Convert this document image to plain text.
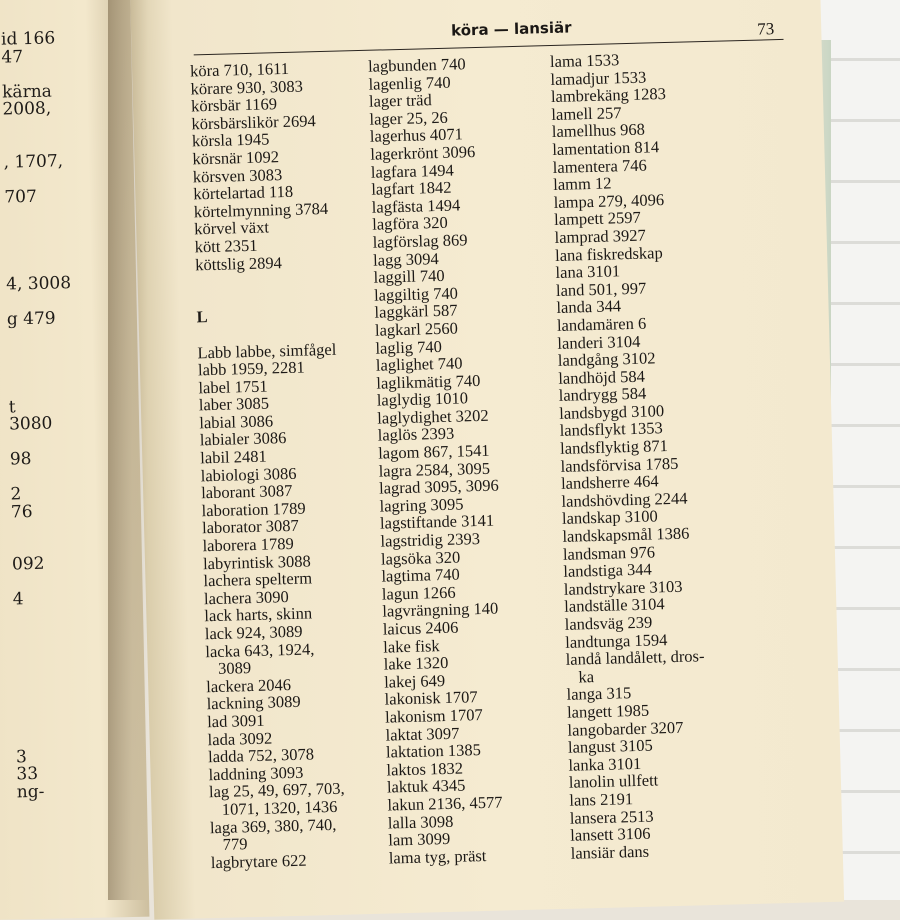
id 166
47
kärna
2008,
, 1707,
707
4, 3008
g 479
t
3080
98
2
76
092
4
3
33
ng-
köra — lansiär	73
köra 710, 1611
körare 930, 3083
körsbär 1169
körsbärslikör 2694
körsla 1945
körsnär 1092
körsven 3083
körtelartad 118
körtelmynning 3784
körvel växt
kött 2351
köttslig 2894
L
Labb labbe, simfågel
labb 1959, 2281
label 1751
laber 3085
labial 3086
labialer 3086
labil 2481
labiologi 3086
laborant 3087
laboration 1789
laborator 3087
laborera 1789
labyrintisk 3088
lachera spelterm
lachera 3090
lack harts, skinn
lack 924, 3089
lacka 643, 1924,
3089
lackera 2046
lackning 3089
lad 3091
lada 3092
ladda 752, 3078
laddning 3093
lag 25, 49, 697, 703,
1071, 1320, 1436
laga 369, 380, 740,
779
lagbrytare 622
lagbunden 740
lagenlig 740
lager träd
lager 25, 26
lagerhus 4071
lagerkrönt 3096
lagfara 1494
lagfart 1842
lagfästa 1494
lagföra 320
lagförslag 869
lagg 3094
laggill 740
laggiltig 740
laggkärl 587
lagkarl 2560
laglig 740
laglighet 740
laglikmätig 740
laglydig 1010
laglydighet 3202
laglös 2393
lagom 867, 1541
lagra 2584, 3095
lagrad 3095, 3096
lagring 3095
lagstiftande 3141
lagstridig 2393
lagsöka 320
lagtima 740
lagun 1266
lagvrängning 140
laicus 2406
lake fisk
lake 1320
lakej 649
lakonisk 1707
lakonism 1707
laktat 3097
laktation 1385
laktos 1832
laktuk 4345
lakun 2136, 4577
lalla 3098
lam 3099
lama tyg, präst
lama 1533
lamadjur 1533
lambrekäng 1283
lamell 257
lamellhus 968
lamentation 814
lamentera 746
lamm 12
lampa 279, 4096
lampett 2597
lamprad 3927
lana fiskredskap
lana 3101
land 501, 997
landa 344
landamären 6
landeri 3104
landgång 3102
landhöjd 584
landrygg 584
landsbygd 3100
landsflykt 1353
landsflyktig 871
landsförvisa 1785
landsherre 464
landshövding 2244
landskap 3100
landskapsmål 1386
landsman 976
landstiga 344
landstrykare 3103
landställe 3104
landsväg 239
landtunga 1594
landå landålett, dros-
ka
langa 315
langett 1985
langobarder 3207
langust 3105
lanka 3101
lanolin ullfett
lans 2191
lansera 2513
lansett 3106
lansiär dans
